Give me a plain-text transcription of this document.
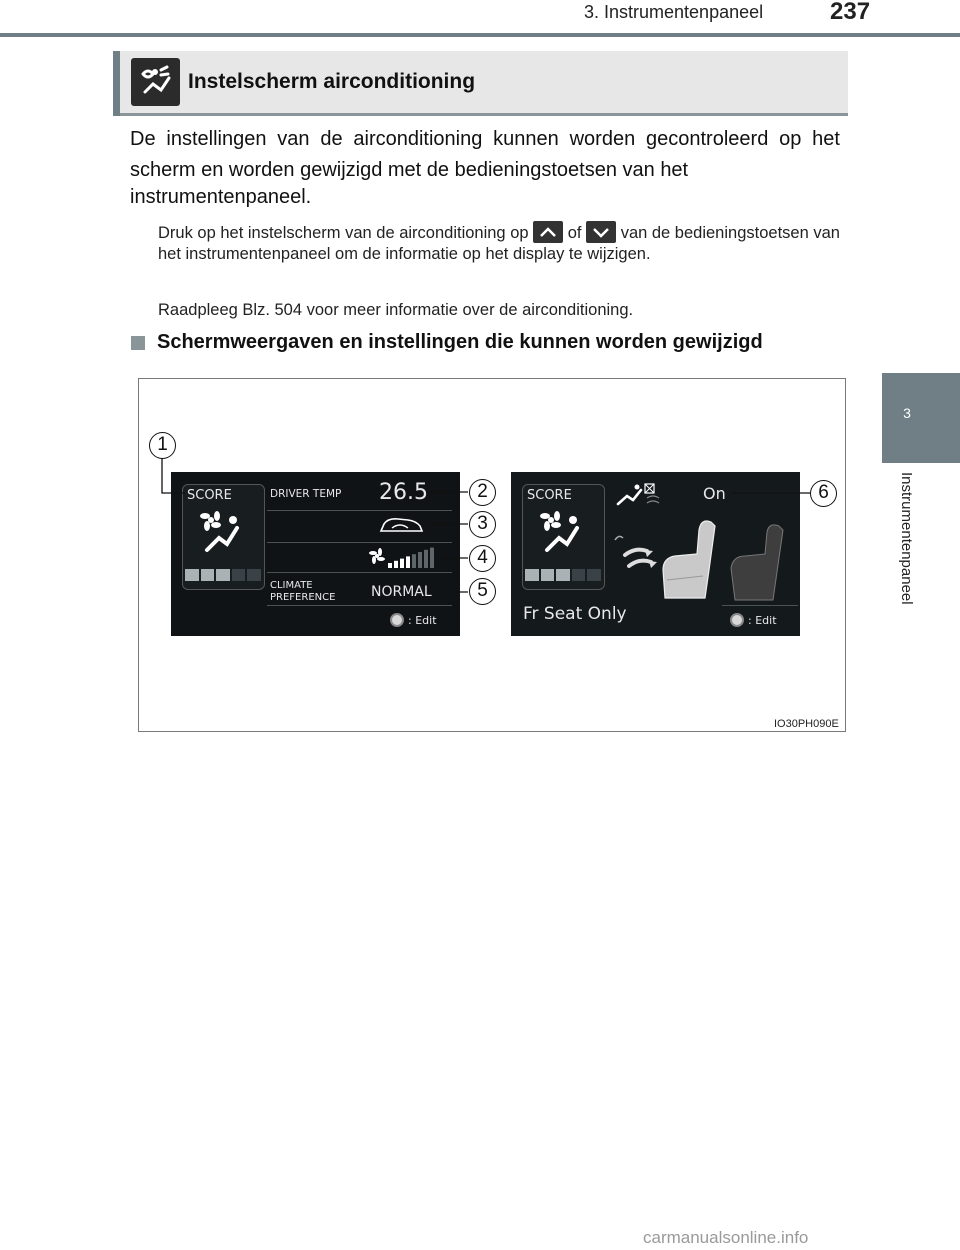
3. Instrumentenpaneel	237
3
Instrumentenpaneel
Instelscherm airconditioning
De instellingen van de airconditioning kunnen worden gecontroleerd op het scherm en worden gewijzigd met de bedieningstoetsen van het
instrumentenpaneel.
Druk op het instelscherm van de airconditioning op of van de bedieningstoetsen van het instrumentenpaneel om de informatie op het display te wijzigen.
Raadpleeg Blz. 504 voor meer informatie over de airconditioning.
Schermweergaven en instellingen die kunnen worden gewijzigd
SCORE	DRIVER TEMP 26.5
CLIMATE
PREFERENCE	NORMAL
: Edit
SCORE	On
Fr Seat Only	: Edit
1
2
3
4
5
6
IO30PH090E
carmanualsonline.info
